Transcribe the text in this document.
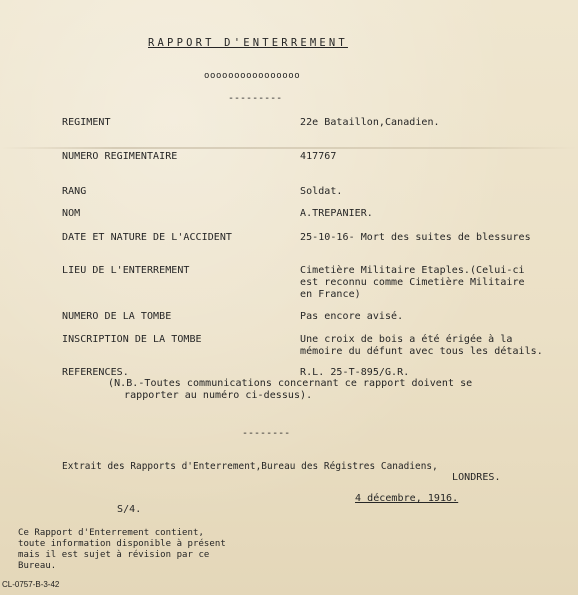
RAPPORT D'ENTERREMENT

oooooooooooooooo

---------

REGIMENT	22e Bataillon,Canadien.

NUMERO REGIMENTAIRE	417767

RANG	Soldat.

NOM	A.TREPANIER.

DATE ET NATURE DE L'ACCIDENT	25-10-16- Mort des suites de blessures

LIEU DE L'ENTERREMENT	Cimetière Militaire Etaples.(Celui-ci

est reconnu comme Cimetière Militaire

en France)

NUMERO DE LA TOMBE	Pas encore avisé.

INSCRIPTION DE LA TOMBE	Une croix de bois a été érigée à la

mémoire du défunt avec tous les détails.

REFERENCES.	R.L. 25-T-895/G.R.

(N.B.-Toutes communications concernant ce rapport doivent se

rapporter au numéro ci-dessus).

--------

Extrait des Rapports d'Enterrement,Bureau des Régistres Canadiens,

LONDRES.

4 décembre, 1916.

S/4.

Ce Rapport d'Enterrement contient,

toute information disponible à présent

mais il est sujet à révision par ce

Bureau.

CL-0757-B-3-42
